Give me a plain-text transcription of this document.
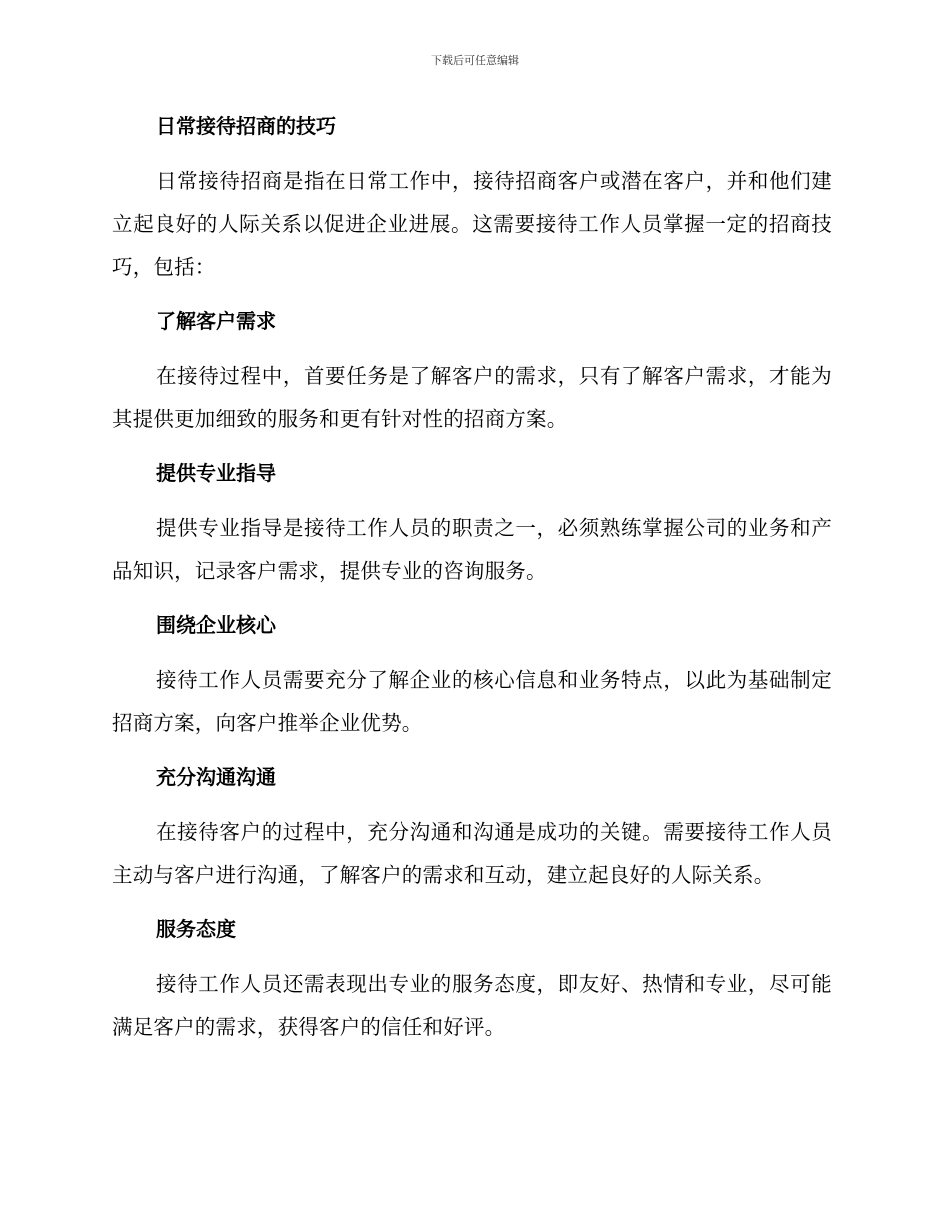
下载后可任意编辑
日常接待招商的技巧

日常接待招商是指在日常工作中，接待招商客户或潜在客户，并和他们建立起良好的人际关系以促进企业进展。这需要接待工作人员掌握一定的招商技巧，包括：

了解客户需求

在接待过程中，首要任务是了解客户的需求，只有了解客户需求，才能为其提供更加细致的服务和更有针对性的招商方案。

提供专业指导

提供专业指导是接待工作人员的职责之一，必须熟练掌握公司的业务和产品知识，记录客户需求，提供专业的咨询服务。

围绕企业核心

接待工作人员需要充分了解企业的核心信息和业务特点，以此为基础制定招商方案，向客户推举企业优势。

充分沟通沟通

在接待客户的过程中，充分沟通和沟通是成功的关键。需要接待工作人员主动与客户进行沟通，了解客户的需求和互动，建立起良好的人际关系。

服务态度

接待工作人员还需表现出专业的服务态度，即友好、热情和专业，尽可能满足客户的需求，获得客户的信任和好评。
